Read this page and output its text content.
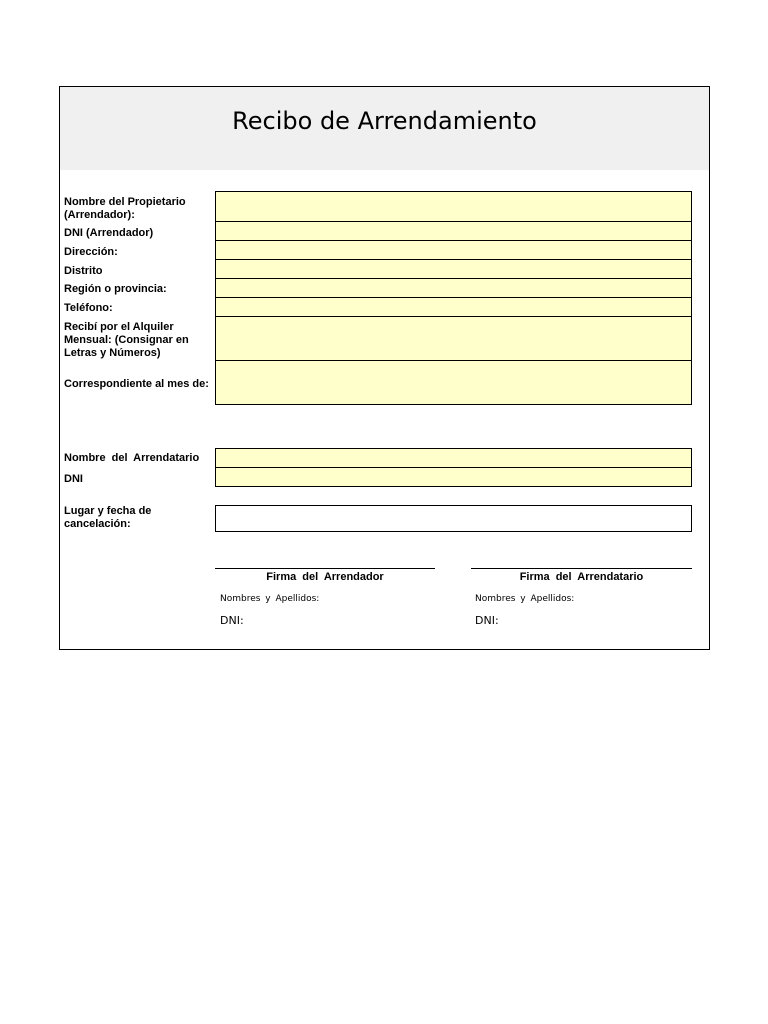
Recibo de Arrendamiento
Nombre del Propietario (Arrendador):
DNI (Arrendador)
Dirección:
Distrito
Región o provincia:
Teléfono:
Recibí por el Alquiler Mensual: (Consignar en Letras y Números)
Correspondiente al mes de:
Nombre del Arrendatario
DNI
Lugar y fecha de cancelación:
Firma del Arrendador
Nombres y Apellidos:
DNI:
Firma del Arrendatario
Nombres y Apellidos:
DNI:
